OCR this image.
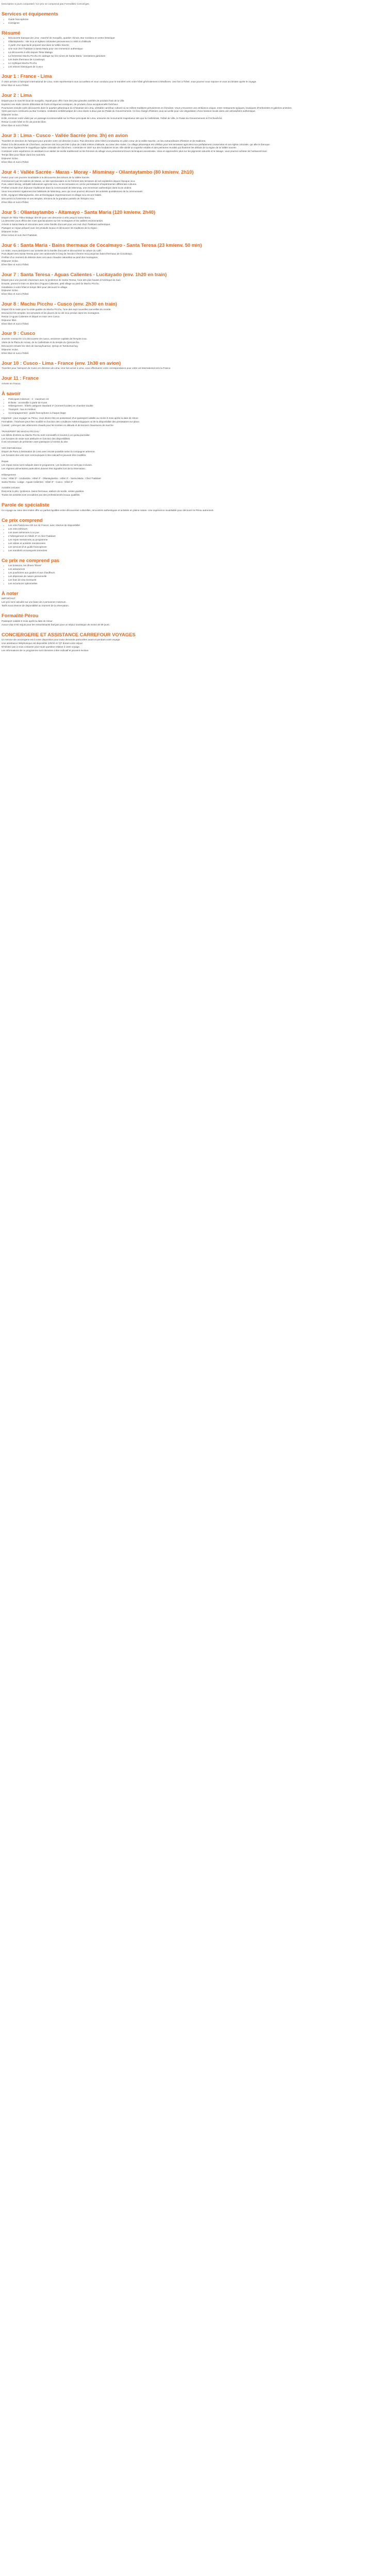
Description 5 jours compostel / Ce prix ne comprend pas Formalités Concierges

Services et équipements
• Guide francophone
• Consignes
Résumé
• Découverte baroque de Lima : marché de Surquillo, quartier chinois, Bar Cordano et centre historique
• Ollantaytambo : site inca et églises coloniales péruviennes à 2 800 m d'altitude
• À partir d'un spectacle proposé tout dans la Vallée Sacrée
• Une nuit chez l'habitant à Santa Maria pour une immersion authentique
• La découverte à vélo depuis Tikka Malaga
• La forteresse Machu Picchu en cadrage sur les ruines de Santa Maria : sensations garanties
• Les bains thermaux de Cocalmayo
• Le mythique Machu Picchu
• Les trésors historiques de Cusco
Jour 1 : France - Lima

À votre arrivée à l'aéroport international de Lima, notre représentant vous accueillera et vous conduira pour le transfert vers votre hôtel généralement à Miraflores. Une fois à l'hôtel, vous pourrez vous reposer et vous acclimater après le voyage.

Dîner libre et nuit à l'hôtel.

Jour 2 : Lima

Départ pour le marché local de Surquillo, réputé pour offrir l'une des plus grandes variétés de produits frais de la ville.

Explorez ses étals colorés débordant de fruits et légumes exotiques, de produits d'une exceptionnelle fraîcheur.

Poursuivez ensuite votre découverte dans le quartier pittoresque du Chinatown de Lima, véritable carrefour culturel où se mêlent traditions péruviennes et chinoises. Vous y trouverez une ambiance unique, entre restaurants typiques, boutiques d'herboristes et galeries animées.

Votre parcours continuera au Bar Cordano, institution emblématique de Lima située à deux pas du Palais du Gouvernement. Ce lieu chargé d'histoire vous accueille pour une dégustation d'une boisson locale dans une atmosphère authentique.

Déjeuner inclus.

Enfin, terminez votre visite par un passage incontournable sur la Place principale de Lima, entourée de monuments majestueux tels que la Cathédrale, l'Hôtel de Ville, le Palais du Gouvernement et l'Archevêché.

Retour à votre hôtel en fin de journée libre.

Dîner libre et nuit à l'hôtel.

Jour 3 : Lima - Cusco - Vallée Sacrée (env. 3h) en avion

Transfert en direction de l'aéroport pour prendre votre vol direction Cusco. Puis direction votre hôtel à Urubamba en plein cœur de la Vallée Sacrée, un lieu extraordinaire d'histoire et de traditions.

Partez à la découverte de Chinchero, ancienne cité inca perchée à plus de 3 800 mètres d'altitude, au cœur des Andes. Ce village pittoresque est célèbre pour ses terrasses agricoles inca parfaitement conservées et son église coloniale, qui allie le baroque.

Vous serez également le magnifique église coloniale de Chinchero, construite en 1607 sur des fondations incas. Elle abrite un superbe retable et des peintures murales qui illustrent les débuts de la région de la Vallée Sacrée.

Continuez votre expérience en assistant à un atelier de textile traditionnel où les femmes du village vous présenteront leurs techniques ancestrales. Vous en apprendrez plus sur les pigments naturels et le tissage, vous pourrez acheter de l'artisanat local.

Temps libre pour flâner dans les marchés.

Déjeuner inclus.

Dîner libre et nuit à l'hôtel.

Jour 4 : Vallée Sacrée - Maras - Moray - Misminay - Ollantaytambo (80 km/env. 2h10)

Partez pour une journée inoubliable à la découverte des trésors de la Vallée Sacrée.

Commencez par les salines de Maras, un site spectaculaire où se forment des terrasses de sel exploitées depuis l'époque inca.

Puis, visitez Moray, véritable laboratoire agricole inca, où les terrasses en cercle permettaient d'expérimenter différentes cultures.

Profitez ensuite d'un déjeuner traditionnel dans la communauté de Misminay, une immersion authentique dans la vie andine.

Vous rencontrerez également les habitants de Misminay, avec qui vous pourrez découvrir les activités quotidiennes de la communauté.

Enfin, rejoignez Ollantaytambo, site archéologique impressionnant et village inca encore habité.

Découvrez la forteresse et ses temples, témoins de la grandeur passée de l'Empire inca.

Dîner libre et nuit à l'hôtel.

Jour 5 : Ollantaytambo - Altamayo - Santa Maria (120 km/env. 2h40)

Départ de Tikka 'Tikka Malaga' dès 6h pour une descente à vélo jusqu'à Santa Maria.

La descente vous offrira des vues spectaculaires sur les montagnes et les vallées environnantes.

Arrivée à Santa Maria et rencontre avec votre famille d'accueil pour une nuit chez l'habitant authentique.

Partagez un repas préparé avec les produits locaux et découvrez les traditions de la région.

Déjeuner inclus.

Dîner inclus et nuit chez l'habitant.

Jour 6 : Santa Maria - Bains thermaux de Cocalmayo - Santa Teresa (23 km/env. 50 min)

Le matin, vous participerez aux activités de la famille d'accueil et découvrirez la culture du café.

Puis départ vers Santa Teresa pour une randonnée le long de l'ancien Chemin Inca jusqu'aux bains thermaux de Cocalmayo.

Profitez d'un moment de détente dans ces eaux chaudes naturelles au pied des montagnes.

Déjeuner inclus.

Dîner libre et nuit à l'hôtel.

Jour 7 : Santa Teresa - Aguas Calientes - Lucitayado (env. 1h20 en train)

Départ pour une journée d'aventure avec la tyrolienne de Santa Teresa, l'une des plus hautes d'Amérique du Sud.

Ensuite, prenez le train en direction d'Aguas Calientes, petit village au pied du Machu Picchu.

Installation à votre hôtel et temps libre pour découvrir le village.

Déjeuner inclus.

Dîner libre et nuit à l'hôtel.

Jour 8 : Machu Picchu - Cusco (env. 2h30 en train)

Départ tôt le matin pour la visite guidée du Machu Picchu, l'une des sept nouvelles merveilles du monde.

Découvrez les temples, les terrasses et les places de la cité inca perdue dans les montagnes.

Retour à Aguas Calientes et départ en train vers Cusco.

Déjeuner libre.

Dîner libre et nuit à l'hôtel.

Jour 9 : Cusco

Journée consacrée à la découverte de Cusco, ancienne capitale de l'Empire inca.

Visite de la Plaza de Armas, de la Cathédrale et du temple du Qoricancha.

Découvrez ensuite les sites de Sacsayhuaman, Qenqo et Tambomachay.

Déjeuner inclus.

Dîner libre et nuit à l'hôtel.

Jour 10 : Cusco - Lima - France (env. 1h30 en avion)

Transfert pour l'aéroport de Cusco en direction de Lima. Une fois arrivé à Lima, vous effectuerez votre correspondance pour votre vol international vers la France.

Jour 11 : France

Arrivée en France.

À savoir
• Participant minimum : 2 - maximum 16
• Enfants : accessible à partir de 8 ans
• Hébergement : hôtels catégorie standard 3* (normes locales) en chambre double
• Transport : bus et minibus
• Accompagnement : guide francophone à chaque étape

Important : pour voyager au Pérou, vous devez être en possession d'un passeport valable au moins 6 mois après la date de retour.

Formalités : l'itinéraire peut être modifié en fonction des conditions météorologiques ou de la disponibilité des prestataires sur place.

Conseil : prévoyez des vêtements chauds pour les soirées en altitude et de bonnes chaussures de marche.

TRANSPORT DE MACHU PICCHU

Les billets d'entrée au Machu Picchu sont nominatifs et soumis à un quota journalier.

Les horaires de visite sont attribués en fonction des disponibilités.

Il est nécessaire de présenter votre passeport à l'entrée du site.

Vols internationaux

Départ de Paris à destination de Lima avec escale possible selon la compagnie aérienne.

Les horaires des vols sont communiqués à titre indicatif et peuvent être modifiés.

Repas

Les repas inclus sont indiqués dans le programme. Les boissons ne sont pas incluses.

Les régimes alimentaires particuliers doivent être signalés lors de la réservation.

Hébergement

Lima : Hôtel 3* - Urubamba : Hôtel 3* - Ollantaytambo : Hôtel 3* - Santa Maria : Chez l'habitant

Santa Teresa : Lodge - Aguas Calientes : Hôtel 3* - Cusco : Hôtel 3*

Activités incluses

Descente à vélo, tyrolienne, bains thermaux, ateliers de textile, visites guidées.

Toutes les activités sont encadrées par des professionnels locaux qualifiés.

Parole de spécialiste

Ce voyage au cœur des Andes offre un parfait équilibre entre découvertes culturelles, rencontres authentiques et activités en pleine nature. Une expérience inoubliable pour découvrir le Pérou autrement.

Ce prix comprend
• Les vols Paris/Lima A/R sur Air France, avec réserve de disponibilité
• Les vols intérieurs
• Les taxes aériennes à ce jour
• L'hébergement en hôtels 3* et chez l'habitant
• Les repas mentionnés au programme
• Les visites et activités mentionnées
• Les services d'un guide francophone
• Les transferts et transports terrestres
Ce prix ne comprend pas
• Les boissons, les dîners "libres"
• Les assurances
• Les pourboires aux guides et aux chauffeurs
• Les dépenses de nature personnelle
• Les frais de visa éventuels
• Les excursions optionnelles
À noter

IMPORTANT

Les prix sont calculés sur une base de 2 personnes minimum.

Tarifs sous réserve de disponibilité au moment de la réservation.

Formalité Pérou

Passeport valable 6 mois après la date de retour.

Aucun visa n'est requis pour les ressortissants français pour un séjour touristique de moins de 90 jours.

CONCIERGERIE ET ASSISTANCE CARREFOUR VOYAGES

Un service de conciergerie est à votre disposition pour toute demande particulière avant et pendant votre voyage.

Une assistance téléphonique est disponible 24h/24 et 7j/7 durant votre séjour.

N'hésitez pas à nous contacter pour toute question relative à votre voyage.

Les informations de ce programme sont données à titre indicatif et peuvent évoluer.
